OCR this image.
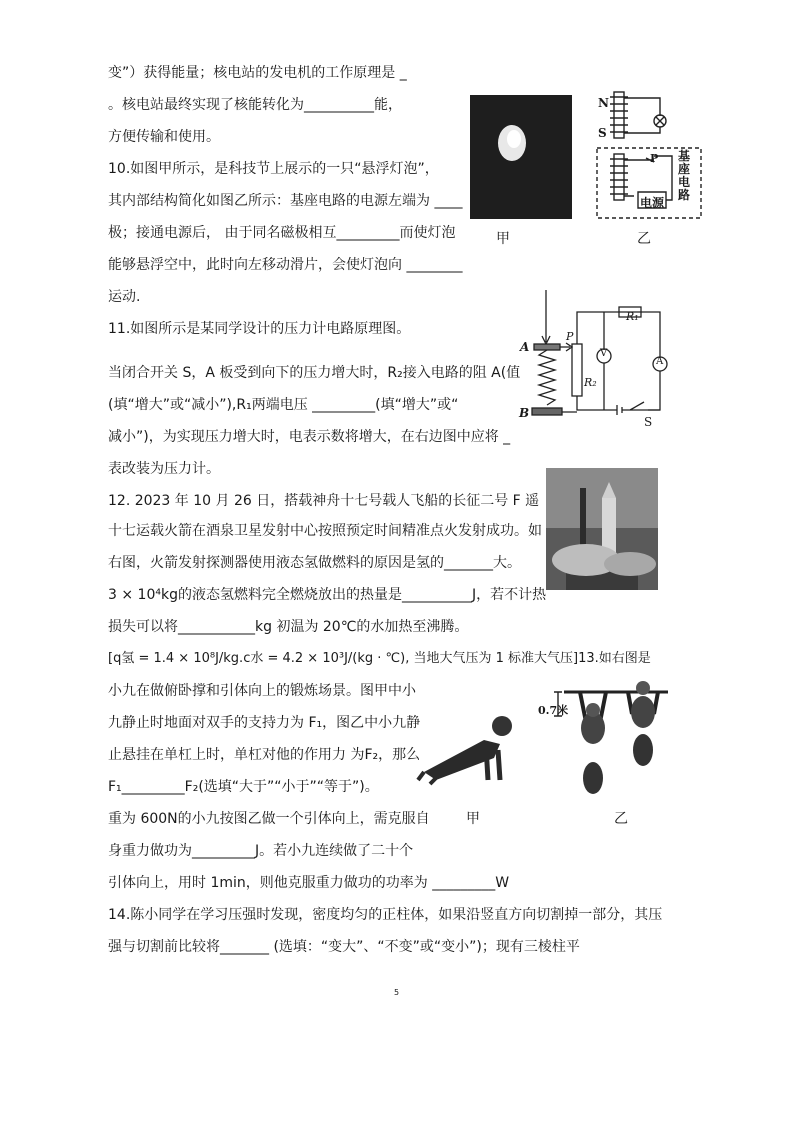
变”）获得能量；核电站的发电机的工作原理是 _
。核电站最终实现了核能转化为__________能，
方便传输和使用。
10.如图甲所示，是科技节上展示的一只“悬浮灯泡”，
其内部结构简化如图乙所示：基座电路的电源左端为 ____
极；接通电源后， 由于同名磁极相互_________而使灯泡
能够悬浮空中，此时向左移动滑片，会使灯泡向 ________
运动.
11.如图所示是某同学设计的压力计电路原理图。
当闭合开关 S，A 板受到向下的压力增大时，R₂接入电路的阻 A(值
(填“增大”或“减小”),R₁两端电压 _________(填“增大”或“
减小”)，为实现压力增大时，电表示数将增大，在右边图中应将 _
表改装为压力计。
12. 2023 年 10 月 26 日，搭载神舟十七号载人飞船的长征二号 F 遥
十七运载火箭在酒泉卫星发射中心按照预定时间精准点火发射成功。如
右图，火箭发射探测器使用液态氢做燃料的原因是氢的_______大。
3 × 10⁴kg的液态氢燃料完全燃烧放出的热量是__________J，若不计热
损失可以将___________kg 初温为 20℃的水加热至沸腾。
[q氢 = 1.4 × 10⁸J/kg.c水 = 4.2 × 10³J/(kg · ℃), 当地大气压为 1 标准大气压]13.如右图是
小九在做俯卧撑和引体向上的锻炼场景。图甲中小
九静止时地面对双手的支持力为 F₁，图乙中小九静
止悬挂在单杠上时，单杠对他的作用力 为F₂，那么
F₁_________F₂(选填“大于”“小于”“等于”)。
重为 600N的小九按图乙做一个引体向上，需克服自
身重力做功为_________J。若小九连续做了二十个
引体向上，用时 1min，则他克服重力做功的功率为 _________W
14.陈小同学在学习压强时发现，密度均匀的正柱体，如果沿竖直方向切割掉一部分，其压
强与切割前比较将_______ (选填：“变大”、“不变”或“变小”)；现有三棱柱平
甲
N
S
P 基座电路
电源
乙
A
B
P
R₁
R₂
V
A
S
甲
0.7米
乙
5
